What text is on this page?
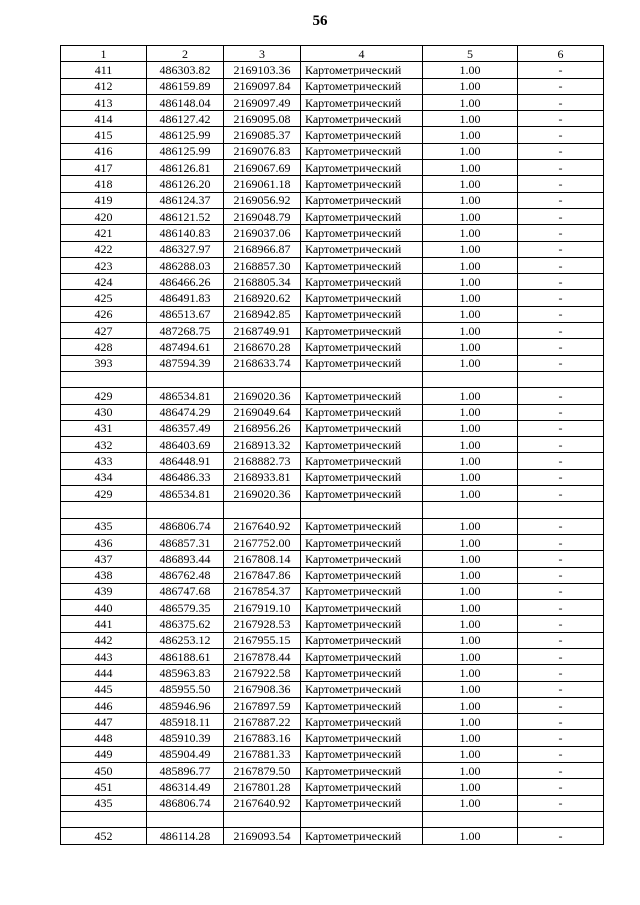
56
1	2	3	4	5	6
411	486303.82	2169103.36	Картометрический	1.00	-
412	486159.89	2169097.84	Картометрический	1.00	-
413	486148.04	2169097.49	Картометрический	1.00	-
414	486127.42	2169095.08	Картометрический	1.00	-
415	486125.99	2169085.37	Картометрический	1.00	-
416	486125.99	2169076.83	Картометрический	1.00	-
417	486126.81	2169067.69	Картометрический	1.00	-
418	486126.20	2169061.18	Картометрический	1.00	-
419	486124.37	2169056.92	Картометрический	1.00	-
420	486121.52	2169048.79	Картометрический	1.00	-
421	486140.83	2169037.06	Картометрический	1.00	-
422	486327.97	2168966.87	Картометрический	1.00	-
423	486288.03	2168857.30	Картометрический	1.00	-
424	486466.26	2168805.34	Картометрический	1.00	-
425	486491.83	2168920.62	Картометрический	1.00	-
426	486513.67	2168942.85	Картометрический	1.00	-
427	487268.75	2168749.91	Картометрический	1.00	-
428	487494.61	2168670.28	Картометрический	1.00	-
393	487594.39	2168633.74	Картометрический	1.00	-

429	486534.81	2169020.36	Картометрический	1.00	-
430	486474.29	2169049.64	Картометрический	1.00	-
431	486357.49	2168956.26	Картометрический	1.00	-
432	486403.69	2168913.32	Картометрический	1.00	-
433	486448.91	2168882.73	Картометрический	1.00	-
434	486486.33	2168933.81	Картометрический	1.00	-
429	486534.81	2169020.36	Картометрический	1.00	-

435	486806.74	2167640.92	Картометрический	1.00	-
436	486857.31	2167752.00	Картометрический	1.00	-
437	486893.44	2167808.14	Картометрический	1.00	-
438	486762.48	2167847.86	Картометрический	1.00	-
439	486747.68	2167854.37	Картометрический	1.00	-
440	486579.35	2167919.10	Картометрический	1.00	-
441	486375.62	2167928.53	Картометрический	1.00	-
442	486253.12	2167955.15	Картометрический	1.00	-
443	486188.61	2167878.44	Картометрический	1.00	-
444	485963.83	2167922.58	Картометрический	1.00	-
445	485955.50	2167908.36	Картометрический	1.00	-
446	485946.96	2167897.59	Картометрический	1.00	-
447	485918.11	2167887.22	Картометрический	1.00	-
448	485910.39	2167883.16	Картометрический	1.00	-
449	485904.49	2167881.33	Картометрический	1.00	-
450	485896.77	2167879.50	Картометрический	1.00	-
451	486314.49	2167801.28	Картометрический	1.00	-
435	486806.74	2167640.92	Картометрический	1.00	-

452	486114.28	2169093.54	Картометрический	1.00	-
